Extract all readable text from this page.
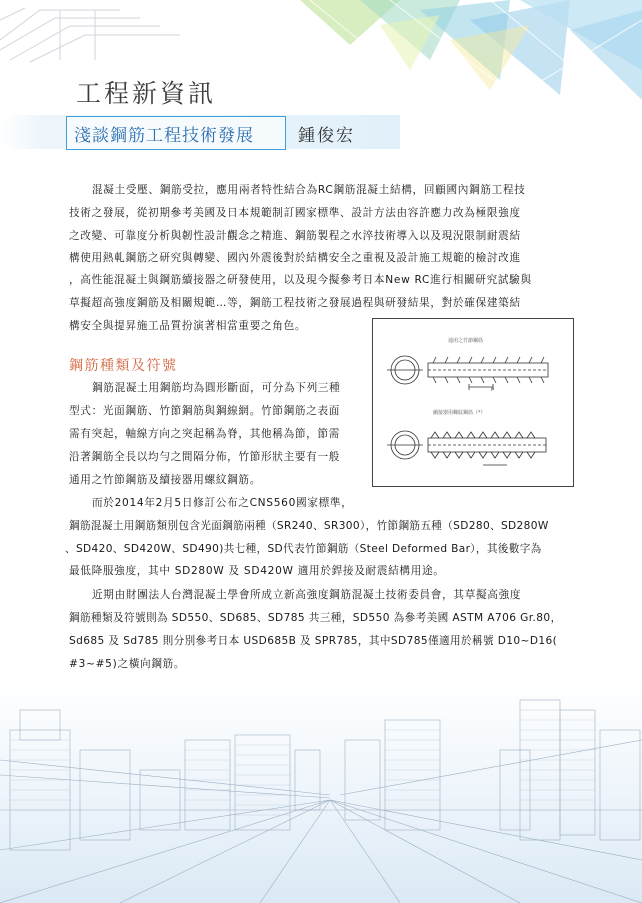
工程新資訊
淺談鋼筋工程技術發展	鍾俊宏
混凝土受壓、鋼筋受拉，應用兩者特性結合為RC鋼筋混凝土結構，回顧國內鋼筋工程技
技術之發展，從初期參考美國及日本規範制訂國家標準、設計方法由容許應力改為極限強度
之改變、可靠度分析與韌性設計觀念之精進、鋼筋製程之水淬技術導入以及現況限制耐震結
構使用熱軋鋼筋之研究與轉變、國內外震後對於結構安全之重視及設計施工規範的檢討改進
，高性能混凝土與鋼筋續接器之研發使用，以及現今擬參考日本New RC進行相關研究試驗與
草擬超高強度鋼筋及相關規範…等，鋼筋工程技術之發展過程與研發結果，對於確保建築結
構安全與提昇施工品質扮演著相當重要之角色。
鋼筋種類及符號
鋼筋混凝土用鋼筋均為圓形斷面，可分為下列三種
型式：光面鋼筋、竹節鋼筋與鋼線網。竹節鋼筋之表面
需有突起，軸線方向之突起稱為脊，其他稱為節，節需
沿著鋼筋全長以均勻之間隔分佈，竹節形狀主要有一般
通用之竹節鋼筋及續接器用螺紋鋼筋。
通用之竹節鋼筋
續接器用螺紋鋼筋（*）
P
而於2014年2月5日修訂公布之CNS560國家標準，
鋼筋混凝土用鋼筋類別包含光面鋼筋兩種（SR240、SR300），竹節鋼筋五種（SD280、SD280W
、SD420、SD420W、SD490)共七種，SD代表竹節鋼筋（Steel Deformed Bar），其後數字為
最低降服強度，其中 SD280W 及 SD420W 適用於銲接及耐震結構用途。
近期由財團法人台灣混凝土學會所成立新高強度鋼筋混凝土技術委員會，其草擬高強度
鋼筋種類及符號則為 SD550、SD685、SD785 共三種，SD550 為參考美國 ASTM A706 Gr.80，
Sd685 及 Sd785 則分別參考日本 USD685B 及 SPR785，其中SD785僅適用於稱號 D10~D16(
#3~#5)之橫向鋼筋。
